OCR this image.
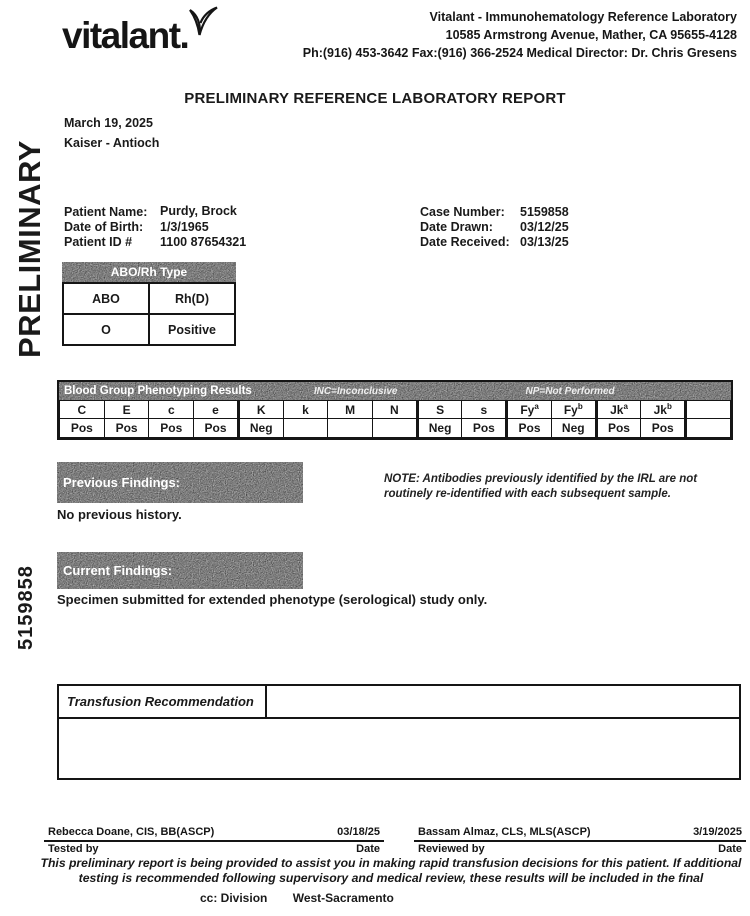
vitalant.	Vitalant - Immunohematology Reference Laboratory
10585 Armstrong Avenue, Mather, CA 95655-4128
Ph:(916) 453-3642 Fax:(916) 366-2524 Medical Director: Dr. Chris Gresens
PRELIMINARY REFERENCE LABORATORY REPORT
PRELIMINARY
5159858
March 19, 2025
Kaiser - Antioch
Patient Name: Purdy, Brock
Date of Birth: 1/3/1965
Patient ID # 1100 87654321
Case Number: 5159858
Date Drawn: 03/12/25
Date Received: 03/13/25
ABO/Rh Type
ABO	Rh(D)
O	Positive
Blood Group Phenotyping Results	INC=Inconclusive	NP=Not Performed
C	E	c	e	K	k	M	N	S	s	Fy$^a$	Fy$^b$	Jk$^a$	Jk$^b$	
Pos	Pos	Pos	Pos	Neg				Neg	Pos	Pos	Neg	Pos	Pos	
Previous Findings:
No previous history.
NOTE: Antibodies previously identified by the IRL are not routinely re-identified with each subsequent sample.
Current Findings:
Specimen submitted for extended phenotype (serological) study only.
Transfusion Recommendation
Rebecca Doane, CIS, BB(ASCP)	03/18/25
Tested by	Date
Bassam Almaz, CLS, MLS(ASCP)	3/19/2025
Reviewed by	Date
This preliminary report is being provided to assist you in making rapid transfusion decisions for this patient. If additional testing is recommended following supervisory and medical review, these results will be included in the final
cc: Division West-Sacramento
